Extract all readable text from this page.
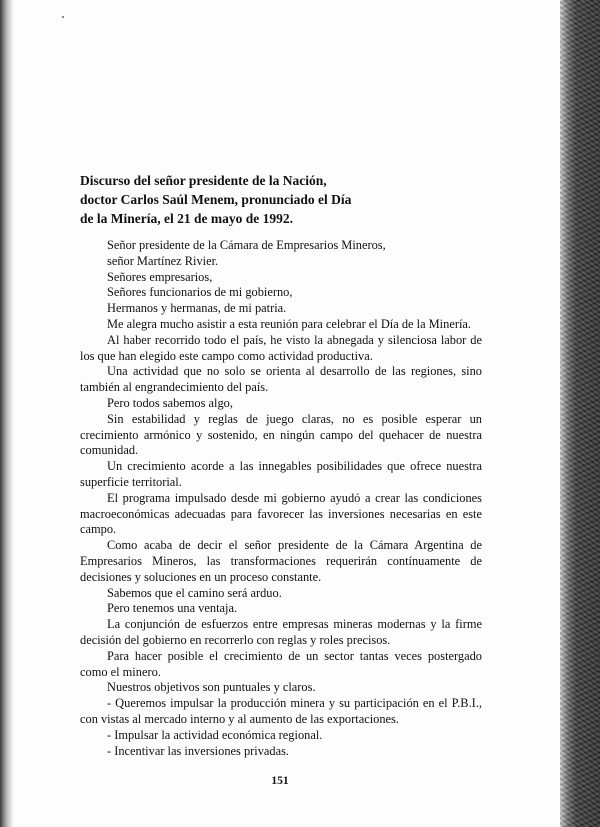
Discurso del señor presidente de la Nación,
doctor Carlos Saúl Menem, pronunciado el Día
de la Minería, el 21 de mayo de 1992.

Señor presidente de la Cámara de Empresarios Mineros,

señor Martínez Rivier.

Señores empresarios,

Señores funcionarios de mi gobierno,

Hermanos y hermanas, de mi patria.

Me alegra mucho asistir a esta reunión para celebrar el Día de la Minería.

Al haber recorrido todo el país, he visto la abnegada y silenciosa labor de los que han elegido este campo como actividad productiva.

Una actividad que no solo se orienta al desarrollo de las regiones, sino también al engrandecimiento del país.

Pero todos sabemos algo,

Sin estabilidad y reglas de juego claras, no es posible esperar un crecimiento armónico y sostenido, en ningún campo del quehacer de nuestra comunidad.

Un crecimiento acorde a las innegables posibilidades que ofrece nuestra superficie territorial.

El programa impulsado desde mi gobierno ayudó a crear las condiciones macroeconómicas adecuadas para favorecer las inversiones necesarias en este campo.

Como acaba de decir el señor presidente de la Cámara Argentina de Empresarios Mineros, las transformaciones requerirán contínuamente de decisiones y soluciones en un proceso constante.

Sabemos que el camino será arduo.

Pero tenemos una ventaja.

La conjunción de esfuerzos entre empresas mineras modernas y la firme decisión del gobierno en recorrerlo con reglas y roles precisos.

Para hacer posible el crecimiento de un sector tantas veces postergado como el minero.

Nuestros objetivos son puntuales y claros.

- Queremos impulsar la producción minera y su participación en el P.B.I., con vistas al mercado interno y al aumento de las exportaciones.

- Impulsar la actividad económica regional.

- Incentivar las inversiones privadas.

151
